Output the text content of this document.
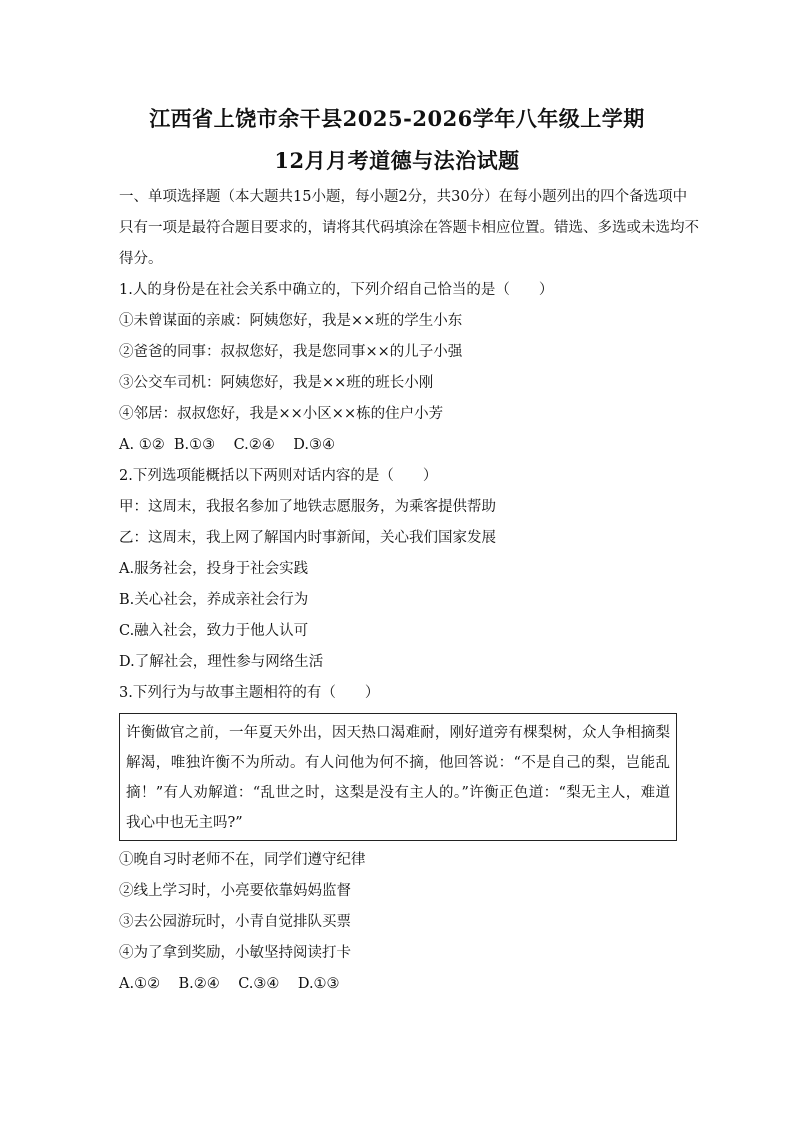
江西省上饶市余干县2025-2026学年八年级上学期
12月月考道德与法治试题
一、单项选择题（本大题共15小题，每小题2分，共30分）在每小题列出的四个备选项中
只有一项是最符合题目要求的，请将其代码填涂在答题卡相应位置。错选、多选或未选均不
得分。
1.人的身份是在社会关系中确立的，下列介绍自己恰当的是（　　）
①未曾谋面的亲戚：阿姨您好，我是××班的学生小东
②爸爸的同事：叔叔您好，我是您同事××的儿子小强
③公交车司机：阿姨您好，我是××班的班长小刚
④邻居：叔叔您好，我是××小区××栋的住户小芳
A. ①②  B.①③    C.②④    D.③④
2.下列选项能概括以下两则对话内容的是（　　）
甲：这周末，我报名参加了地铁志愿服务，为乘客提供帮助
乙：这周末，我上网了解国内时事新闻，关心我们国家发展
A.服务社会，投身于社会实践
B.关心社会，养成亲社会行为
C.融入社会，致力于他人认可
D.了解社会，理性参与网络生活
3.下列行为与故事主题相符的有（　　）
许衡做官之前，一年夏天外出，因天热口渴难耐，刚好道旁有棵梨树，众人争相摘梨解渴，唯独许衡不为所动。有人问他为何不摘，他回答说：“不是自己的梨，岂能乱摘！”有人劝解道：“乱世之时，这梨是没有主人的。”许衡正色道：“梨无主人，难道我心中也无主吗?”
①晚自习时老师不在，同学们遵守纪律
②线上学习时，小亮要依靠妈妈监督
③去公园游玩时，小青自觉排队买票
④为了拿到奖励，小敏坚持阅读打卡
A.①②    B.②④    C.③④    D.①③
